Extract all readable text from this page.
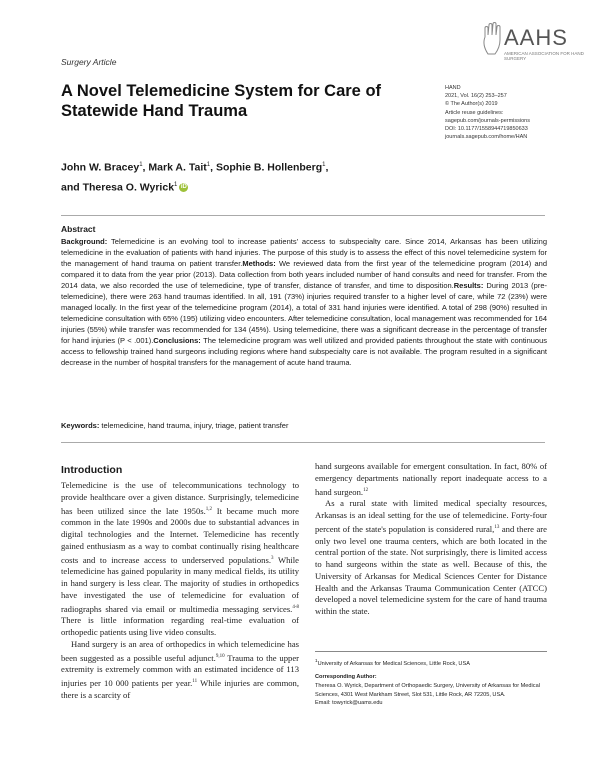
Surgery Article
A Novel Telemedicine System for Care of Statewide Hand Trauma
AAHS
AMERICAN ASSOCIATION FOR HAND SURGERY
HAND
2021, Vol. 16(2) 253–257
© The Author(s) 2019
Article reuse guidelines:
sagepub.com/journals-permissions
DOI: 10.1177/1558944719850633
journals.sagepub.com/home/HAN
John W. Bracey$^1$, Mark A. Tait$^1$, Sophie B. Hollenberg$^1$,
and Theresa O. Wyrick$^1$ iD
Abstract
Background: Telemedicine is an evolving tool to increase patients' access to subspecialty care. Since 2014, Arkansas has been utilizing telemedicine in the evaluation of patients with hand injuries. The purpose of this study is to assess the effect of this novel telemedicine system for the management of hand trauma on patient transfer.Methods: We reviewed data from the first year of the telemedicine program (2014) and compared it to data from the year prior (2013). Data collection from both years included number of hand consults and need for transfer. From the 2014 data, we also recorded the use of telemedicine, type of transfer, distance of transfer, and time to disposition.Results: During 2013 (pre-telemedicine), there were 263 hand traumas identified. In all, 191 (73%) injuries required transfer to a higher level of care, while 72 (23%) were managed locally. In the first year of the telemedicine program (2014), a total of 331 hand injuries were identified. A total of 298 (90%) resulted in telemedicine consultation with 65% (195) utilizing video encounters. After telemedicine consultation, local management was recommended for 164 injuries (55%) while transfer was recommended for 134 (45%). Using telemedicine, there was a significant decrease in the percentage of transfer for hand injuries (P < .001).Conclusions: The telemedicine program was well utilized and provided patients throughout the state with continuous access to fellowship trained hand surgeons including regions where hand subspecialty care is not available. The program resulted in a significant decrease in the number of hospital transfers for the management of acute hand trauma.
Keywords: telemedicine, hand trauma, injury, triage, patient transfer
Introduction

Telemedicine is the use of telecommunications technology to provide healthcare over a given distance. Surprisingly, telemedicine has been utilized since the late 1950s.$^{1,2}$ It became much more common in the late 1990s and 2000s due to substantial advances in digital technologies and the Internet. Telemedicine has recently gained enthusiasm as a way to combat continually rising healthcare costs and to increase access to underserved populations.$^3$ While telemedicine has gained popularity in many medical fields, its utility in hand surgery is less clear. The majority of studies in orthopedics have investigated the use of telemedicine for evaluation of radiographs shared via email or multimedia messaging services.$^{4-8}$ There is little information regarding real-time evaluation of orthopedic patients using live video consults.

Hand surgery is an area of orthopedics in which telemedicine has been suggested as a possible useful adjunct.$^{9,10}$ Trauma to the upper extremity is extremely common with an estimated incidence of 113 injuries per 10 000 patients per year.$^{11}$ While injuries are common, there is a scarcity of

hand surgeons available for emergent consultation. In fact, 80% of emergency departments nationally report inadequate access to a hand surgeon.$^{12}$

As a rural state with limited medical specialty resources, Arkansas is an ideal setting for the use of telemedicine. Forty-four percent of the state's population is considered rural,$^{13}$ and there are only two level one trauma centers, which are both located in the central portion of the state. Not surprisingly, there is limited access to hand surgeons within the state as well. Because of this, the University of Arkansas for Medical Sciences Center for Distance Health and the Arkansas Trauma Communication Center (ATCC) developed a novel telemedicine system for the care of hand trauma within the state.

$^1$University of Arkansas for Medical Sciences, Little Rock, USA
Corresponding Author:
Theresa O. Wyrick, Department of Orthopaedic Surgery, University of Arkansas for Medical Sciences, 4301 West Markham Street, Slot 531, Little Rock, AR 72205, USA.
Email: towyrick@uams.edu
